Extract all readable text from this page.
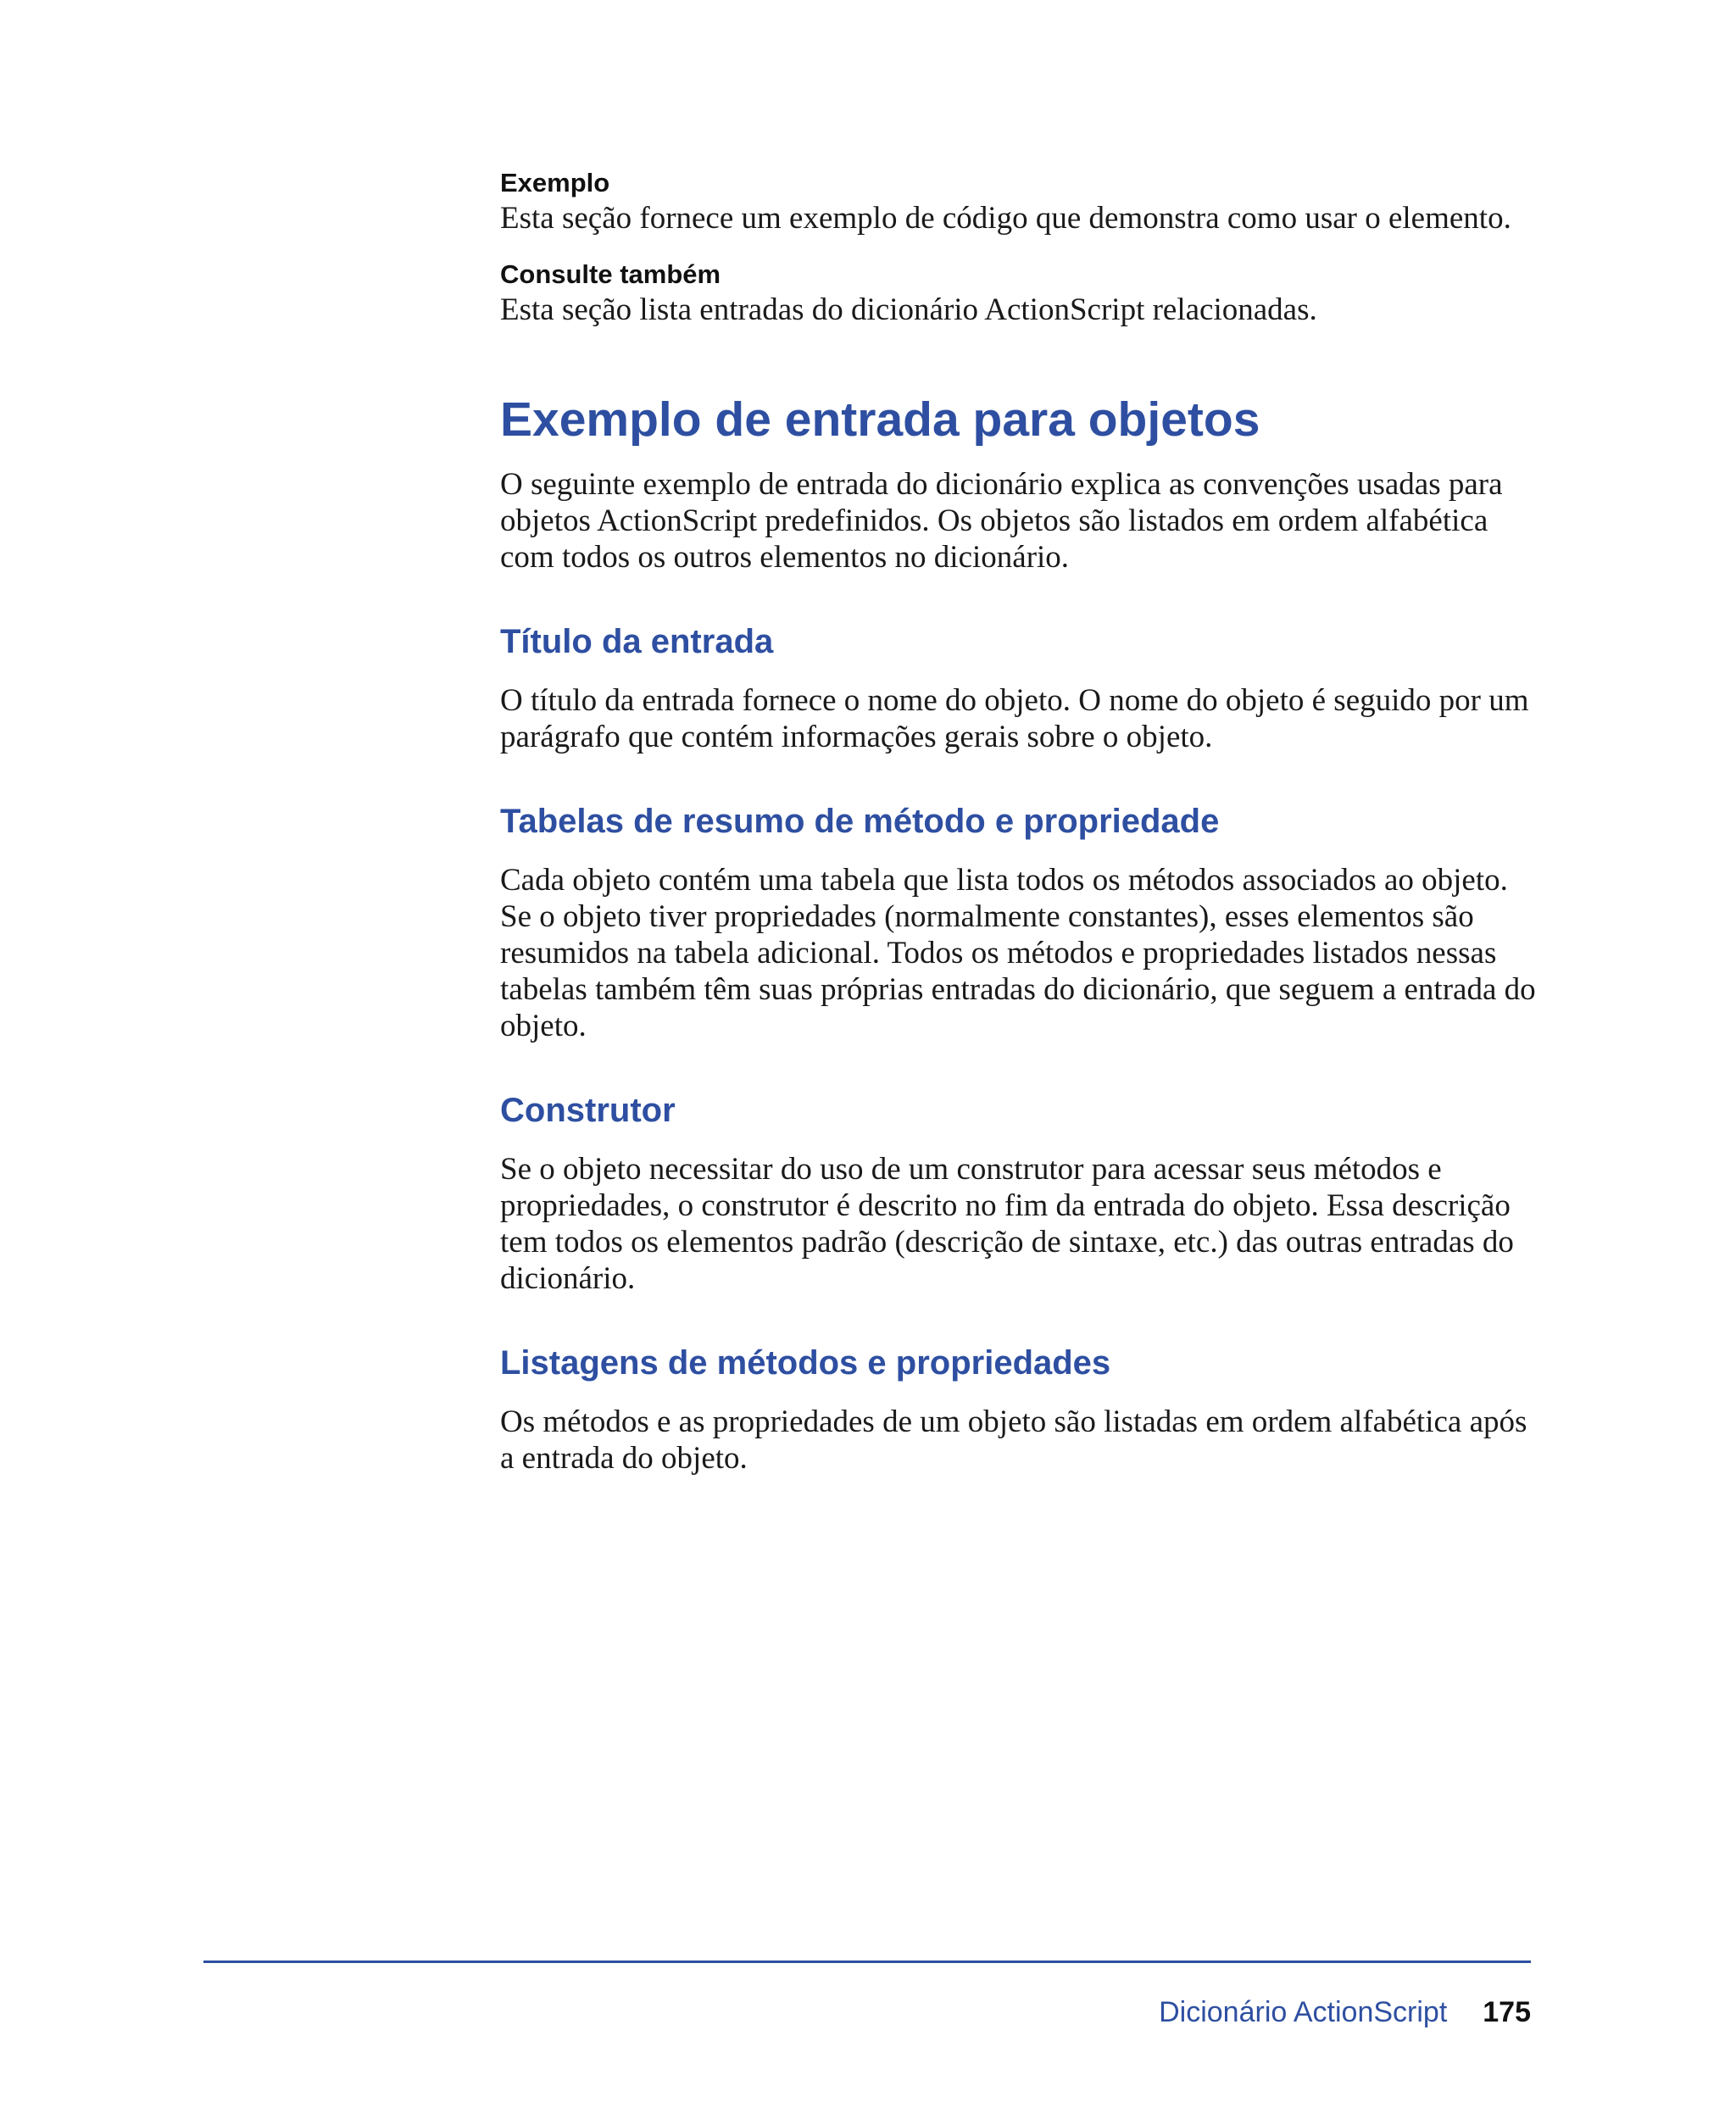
Exemplo

Esta seção fornece um exemplo de código que demonstra como usar o elemento.

Consulte também

Esta seção lista entradas do dicionário ActionScript relacionadas.

Exemplo de entrada para objetos

O seguinte exemplo de entrada do dicionário explica as convenções usadas para objetos ActionScript predefinidos. Os objetos são listados em ordem alfabética com todos os outros elementos no dicionário.

Título da entrada

O título da entrada fornece o nome do objeto. O nome do objeto é seguido por um parágrafo que contém informações gerais sobre o objeto.

Tabelas de resumo de método e propriedade

Cada objeto contém uma tabela que lista todos os métodos associados ao objeto. Se o objeto tiver propriedades (normalmente constantes), esses elementos são resumidos na tabela adicional. Todos os métodos e propriedades listados nessas tabelas também têm suas próprias entradas do dicionário, que seguem a entrada do objeto.

Construtor

Se o objeto necessitar do uso de um construtor para acessar seus métodos e propriedades, o construtor é descrito no fim da entrada do objeto. Essa descrição tem todos os elementos padrão (descrição de sintaxe, etc.) das outras entradas do dicionário.

Listagens de métodos e propriedades

Os métodos e as propriedades de um objeto são listadas em ordem alfabética após a entrada do objeto.

Dicionário ActionScript 175
